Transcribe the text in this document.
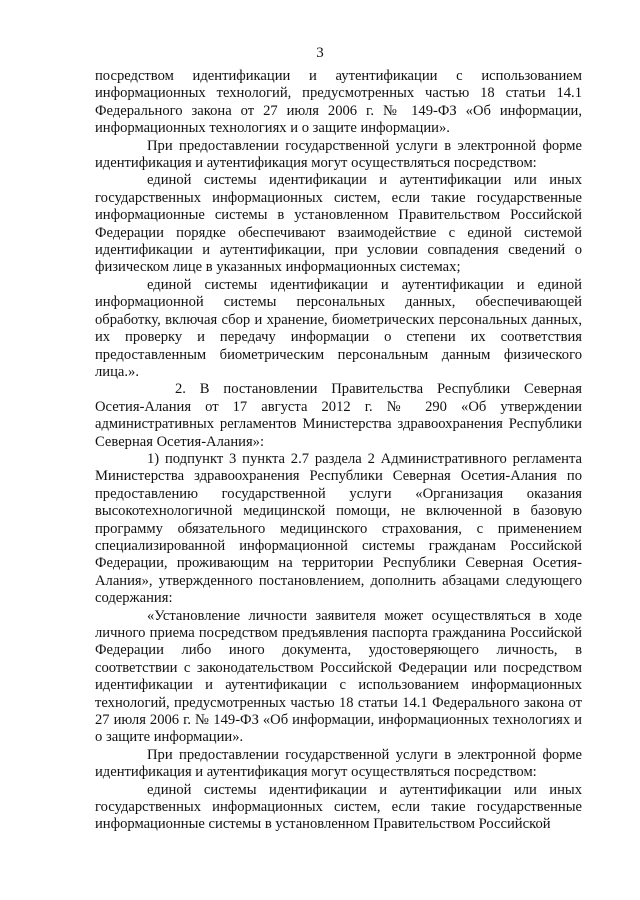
3

посредством идентификации и аутентификации с использованием информационных технологий, предусмотренных частью 18 статьи 14.1 Федерального закона от 27 июля 2006 г. № 149-ФЗ «Об информации, информационных технологиях и о защите информации».

При предоставлении государственной услуги в электронной форме идентификация и аутентификация могут осуществляться посредством:

единой системы идентификации и аутентификации или иных государственных информационных систем, если такие государственные информационные системы в установленном Правительством Российской Федерации порядке обеспечивают взаимодействие с единой системой идентификации и аутентификации, при условии совпадения сведений о физическом лице в указанных информационных системах;

единой системы идентификации и аутентификации и единой информационной системы персональных данных, обеспечивающей обработку, включая сбор и хранение, биометрических персональных данных, их проверку и передачу информации о степени их соответствия предоставленным биометрическим персональным данным физического лица.».

2. В постановлении Правительства Республики Северная Осетия-Алания от 17 августа 2012 г. № 290 «Об утверждении административных регламентов Министерства здравоохранения Республики Северная Осетия-Алания»:

1) подпункт 3 пункта 2.7 раздела 2 Административного регламента Министерства здравоохранения Республики Северная Осетия-Алания по предоставлению государственной услуги «Организация оказания высокотехнологичной медицинской помощи, не включенной в базовую программу обязательного медицинского страхования, с применением специализированной информационной системы гражданам Российской Федерации, проживающим на территории Республики Северная Осетия-Алания», утвержденного постановлением, дополнить абзацами следующего содержания:

«Установление личности заявителя может осуществляться в ходе личного приема посредством предъявления паспорта гражданина Российской Федерации либо иного документа, удостоверяющего личность, в соответствии с законодательством Российской Федерации или посредством идентификации и аутентификации с использованием информационных технологий, предусмотренных частью 18 статьи 14.1 Федерального закона от 27 июля 2006 г. № 149-ФЗ «Об информации, информационных технологиях и о защите информации».

При предоставлении государственной услуги в электронной форме идентификация и аутентификация могут осуществляться посредством:

единой системы идентификации и аутентификации или иных государственных информационных систем, если такие государственные информационные системы в установленном Правительством Российской
